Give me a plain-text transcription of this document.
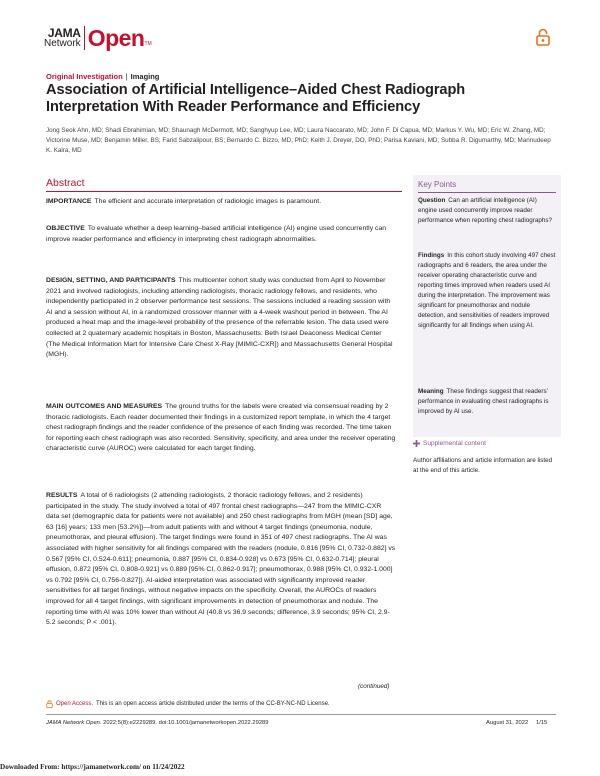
JAMA
Network Open TM
Original Investigation | Imaging
Association of Artificial Intelligence–Aided Chest Radiograph Interpretation With Reader Performance and Efficiency
Jong Seok Ahn, MD; Shadi Ebrahimian, MD; Shaunagh McDermott, MD; Sanghyup Lee, MD; Laura Naccarato, MD; John F. Di Capua, MD; Markus Y. Wu, MD; Eric W. Zhang, MD; Victorine Muse, MD; Benjamin Miller, BS; Farid Sabzalipour, BS; Bernardo C. Bizzo, MD, PhD; Keith J. Dreyer, DO, PhD; Parisa Kaviani, MD; Subba R. Digumarthy, MD; Mannudeep K. Kalra, MD
Abstract

IMPORTANCE The efficient and accurate interpretation of radiologic images is paramount.

OBJECTIVE To evaluate whether a deep learning–based artificial intelligence (AI) engine used concurrently can improve reader performance and efficiency in interpreting chest radiograph abnormalities.

DESIGN, SETTING, AND PARTICIPANTS This multicenter cohort study was conducted from April to November 2021 and involved radiologists, including attending radiologists, thoracic radiology fellows, and residents, who independently participated in 2 observer performance test sessions. The sessions included a reading session with AI and a session without AI, in a randomized crossover manner with a 4-week washout period in between. The AI produced a heat map and the image-level probability of the presence of the referrable lesion. The data used were collected at 2 quaternary academic hospitals in Boston, Massachusetts: Beth Israel Deaconess Medical Center (The Medical Information Mart for Intensive Care Chest X-Ray [MIMIC-CXR]) and Massachusetts General Hospital (MGH).

MAIN OUTCOMES AND MEASURES The ground truths for the labels were created via consensual reading by 2 thoracic radiologists. Each reader documented their findings in a customized report template, in which the 4 target chest radiograph findings and the reader confidence of the presence of each finding was recorded. The time taken for reporting each chest radiograph was also recorded. Sensitivity, specificity, and area under the receiver operating characteristic curve (AUROC) were calculated for each target finding.

RESULTS A total of 6 radiologists (2 attending radiologists, 2 thoracic radiology fellows, and 2 residents) participated in the study. The study involved a total of 497 frontal chest radiographs—247 from the MIMIC-CXR data set (demographic data for patients were not available) and 250 chest radiographs from MGH (mean [SD] age, 63 [16] years; 133 men [53.2%])—from adult patients with and without 4 target findings (pneumonia, nodule, pneumothorax, and pleural effusion). The target findings were found in 351 of 497 chest radiographs. The AI was associated with higher sensitivity for all findings compared with the readers (nodule, 0.816 [95% CI, 0.732-0.882] vs 0.567 [95% CI, 0.524-0.611]; pneumonia, 0.887 [95% CI, 0.834-0.928] vs 0.673 [95% CI, 0.632-0.714]; pleural effusion, 0.872 [95% CI, 0.808-0.921] vs 0.889 [95% CI, 0.862-0.917]; pneumothorax, 0.988 [95% CI, 0.932-1.000] vs 0.792 [95% CI, 0.756-0.827]). AI-aided interpretation was associated with significantly improved reader sensitivities for all target findings, without negative impacts on the specificity. Overall, the AUROCs of readers improved for all 4 target findings, with significant improvements in detection of pneumothorax and nodule. The reporting time with AI was 10% lower than without AI (40.8 vs 36.9 seconds; difference, 3.9 seconds; 95% CI, 2.9-5.2 seconds; P < .001).

(continued)
Key Points

Question Can an artificial intelligence (AI) engine used concurrently improve reader performance when reporting chest radiographs?

Findings In this cohort study involving 497 chest radiographs and 6 readers, the area under the receiver operating characteristic curve and reporting times improved when readers used AI during the interpretation. The improvement was significant for pneumothorax and nodule detection, and sensitivities of readers improved significantly for all findings when using AI.

Meaning These findings suggest that readers’ performance in evaluating chest radiographs is improved by AI use.

Supplemental content
Author affiliations and article information are listed at the end of this article.
Open Access. This is an open access article distributed under the terms of the CC-BY-NC-ND License.
JAMA Network Open. 2022;5(8):e2229289. doi:10.1001/jamanetworkopen.2022.29289	August 31, 2022 1/15
Downloaded From: https://jamanetwork.com/ on 11/24/2022
